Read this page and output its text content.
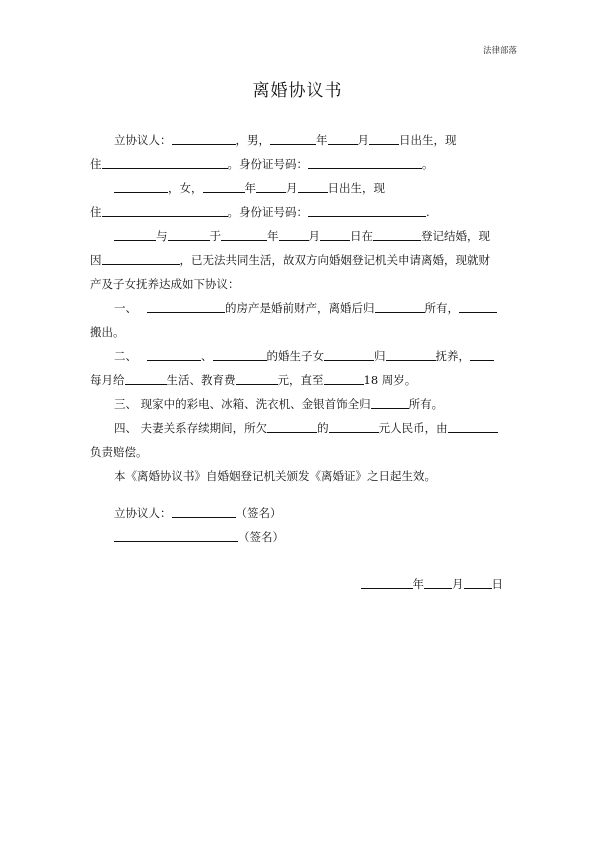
法律部落
离婚协议书
立协议人：	，男，	年	月	日出生，现
住	。身份证号码：	。
，女，	年	月	日出生，现
住	。身份证号码：	.
与	于	年	月	日在	登记结婚，现
因	，已无法共同生活，故双方向婚姻登记机关申请离婚，现就财
产及子女抚养达成如下协议：
一、	的房产是婚前财产，离婚后归	所有，
搬出。
二、	、	的婚生子女	归	抚养，
每月给	生活、教育费	元，直至	18 周岁。
三、 现家中的彩电、冰箱、洗衣机、金银首饰全归	所有。
四、 夫妻关系存续期间，所欠	的	元人民币，由
负责赔偿。
本《离婚协议书》自婚姻登记机关颁发《离婚证》之日起生效。
立协议人：	（签名）
（签名）
年 月 日
